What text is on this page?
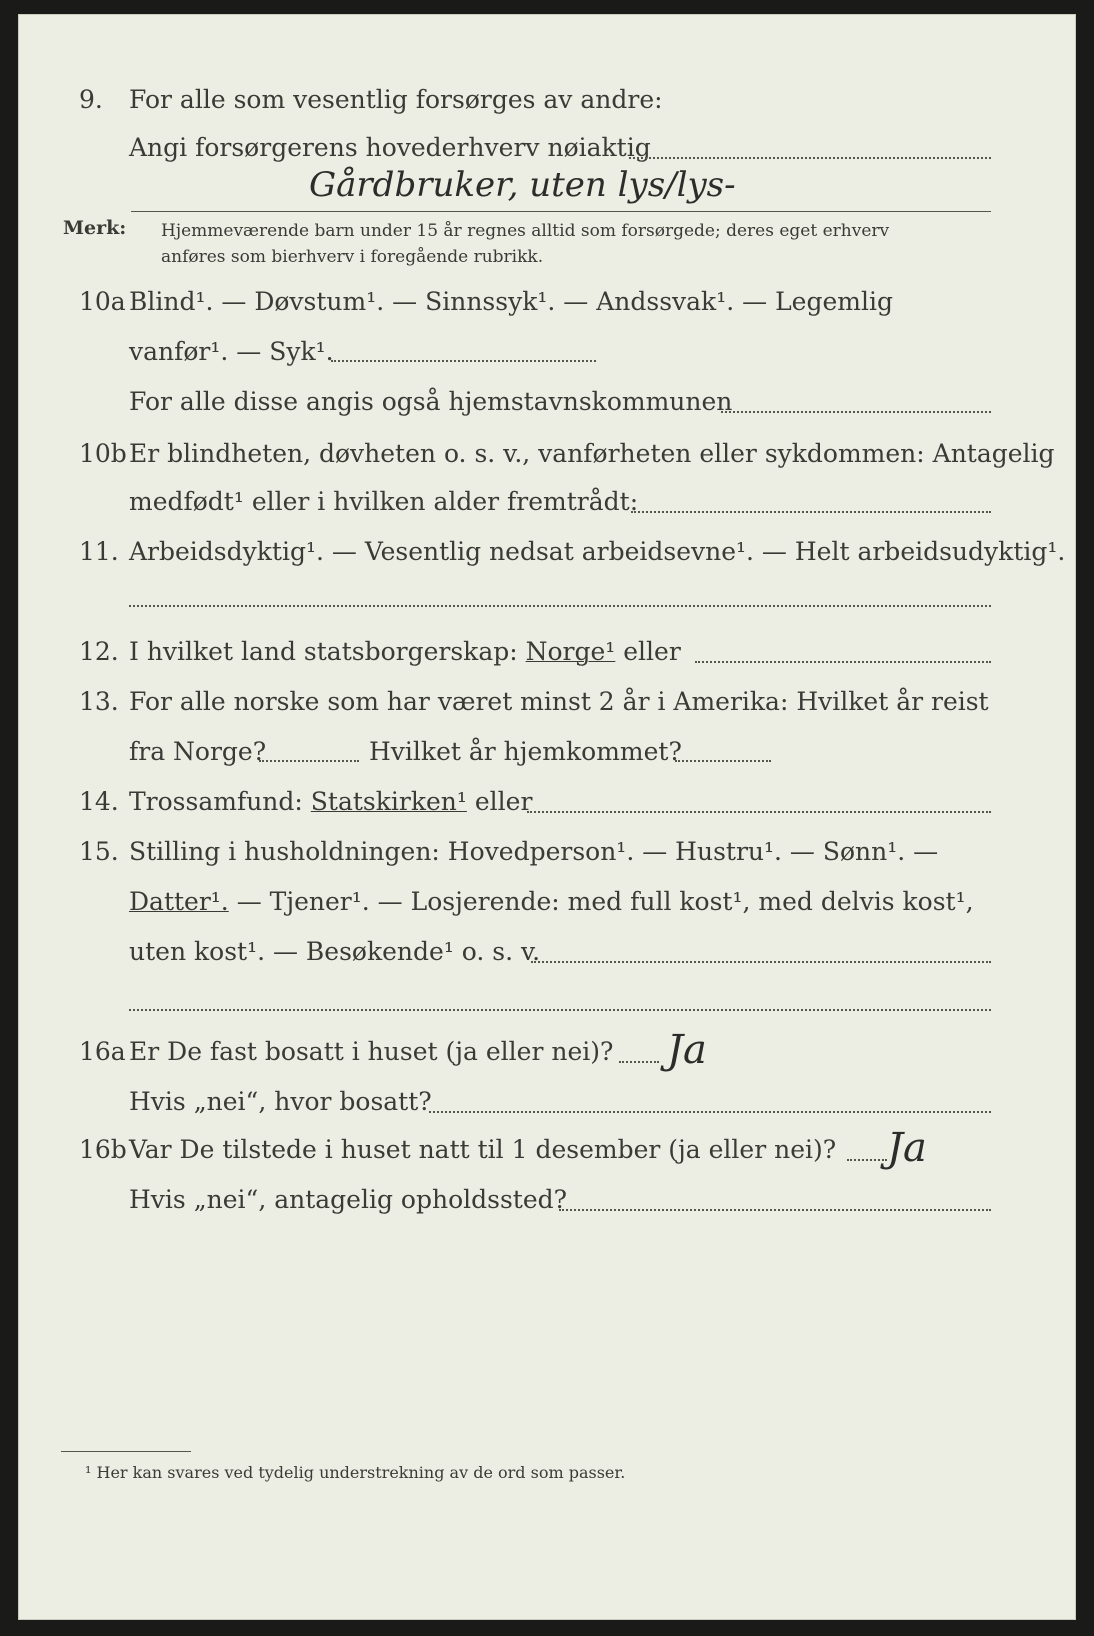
9. For alle som vesentlig forsørges av andre:
Angi forsørgerens hovederhverv nøiaktig
Gårdbruker, uten lys/lys-
Merk: Hjemmeværende barn under 15 år regnes alltid som forsørgede; deres eget erhverv
anføres som bierhverv i foregående rubrikk.
10a Blind¹. — Døvstum¹. — Sinnssyk¹. — Andssvak¹. — Legemlig
vanfør¹. — Syk¹.
For alle disse angis også hjemstavnskommunen
10b Er blindheten, døvheten o. s. v., vanførheten eller sykdommen: Antagelig
medfødt¹ eller i hvilken alder fremtrådt:
11. Arbeidsdyktig¹. — Vesentlig nedsat arbeidsevne¹. — Helt arbeidsudyktig¹.
12. I hvilket land statsborgerskap: Norge¹ eller
13. For alle norske som har været minst 2 år i Amerika: Hvilket år reist
fra Norge?	Hvilket år hjemkommet?
14. Trossamfund: Statskirken¹ eller
15. Stilling i husholdningen: Hovedperson¹. — Hustru¹. — Sønn¹. —
Datter¹. — Tjener¹. — Losjerende: med full kost¹, med delvis kost¹,
uten kost¹. — Besøkende¹ o. s. v.
16a Er De fast bosatt i huset (ja eller nei)? Ja
Hvis „nei“, hvor bosatt?
16b Var De tilstede i huset natt til 1 desember (ja eller nei)? Ja
Hvis „nei“, antagelig opholdssted?
¹ Her kan svares ved tydelig understrekning av de ord som passer.
